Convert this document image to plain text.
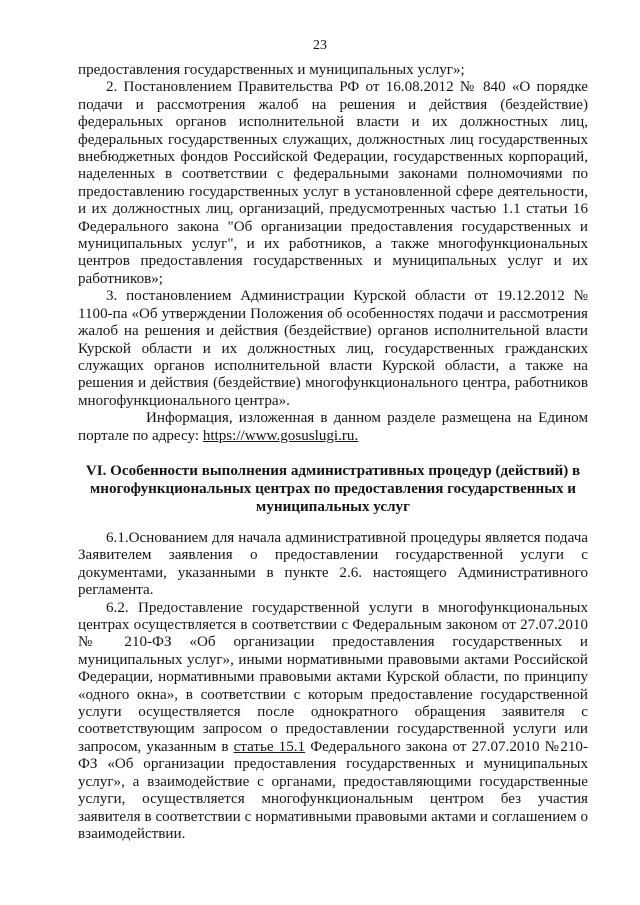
23

предоставления государственных и муниципальных услуг»;

2. Постановлением Правительства РФ от 16.08.2012 № 840 «О порядке подачи и рассмотрения жалоб на решения и действия (бездействие) федеральных органов исполнительной власти и их должностных лиц, федеральных государственных служащих, должностных лиц государственных внебюджетных фондов Российской Федерации, государственных корпораций, наделенных в соответствии с федеральными законами полномочиями по предоставлению государственных услуг в установленной сфере деятельности, и их должностных лиц, организаций, предусмотренных частью 1.1 статьи 16 Федерального закона "Об организации предоставления государственных и муниципальных услуг", и их работников, а также многофункциональных центров предоставления государственных и муниципальных услуг и их работников»;

3. постановлением Администрации Курской области от 19.12.2012 № 1100-па «Об утверждении Положения об особенностях подачи и рассмотрения жалоб на решения и действия (бездействие) органов исполнительной власти Курской области и их должностных лиц, государственных гражданских служащих органов исполнительной власти Курской области, а также на решения и действия (бездействие) многофункционального центра, работников многофункционального центра».

Информация, изложенная в данном разделе размещена на Едином портале по адресу: https://www.gosuslugi.ru.

VI. Особенности выполнения административных процедур (действий) в многофункциональных центрах по предоставления государственных и муниципальных услуг

6.1.Основанием для начала административной процедуры является подача Заявителем заявления о предоставлении государственной услуги с документами, указанными в пункте 2.6. настоящего Административного регламента.

6.2. Предоставление государственной услуги в многофункциональных центрах осуществляется в соответствии с Федеральным законом от 27.07.2010 № 210-ФЗ «Об организации предоставления государственных и муниципальных услуг», иными нормативными правовыми актами Российской Федерации, нормативными правовыми актами Курской области, по принципу «одного окна», в соответствии с которым предоставление государственной услуги осуществляется после однократного обращения заявителя с соответствующим запросом о предоставлении государственной услуги или запросом, указанным в статье 15.1 Федерального закона от 27.07.2010 №210-ФЗ «Об организации предоставления государственных и муниципальных услуг», а взаимодействие с органами, предоставляющими государственные услуги, осуществляется многофункциональным центром без участия заявителя в соответствии с нормативными правовыми актами и соглашением о взаимодействии.
